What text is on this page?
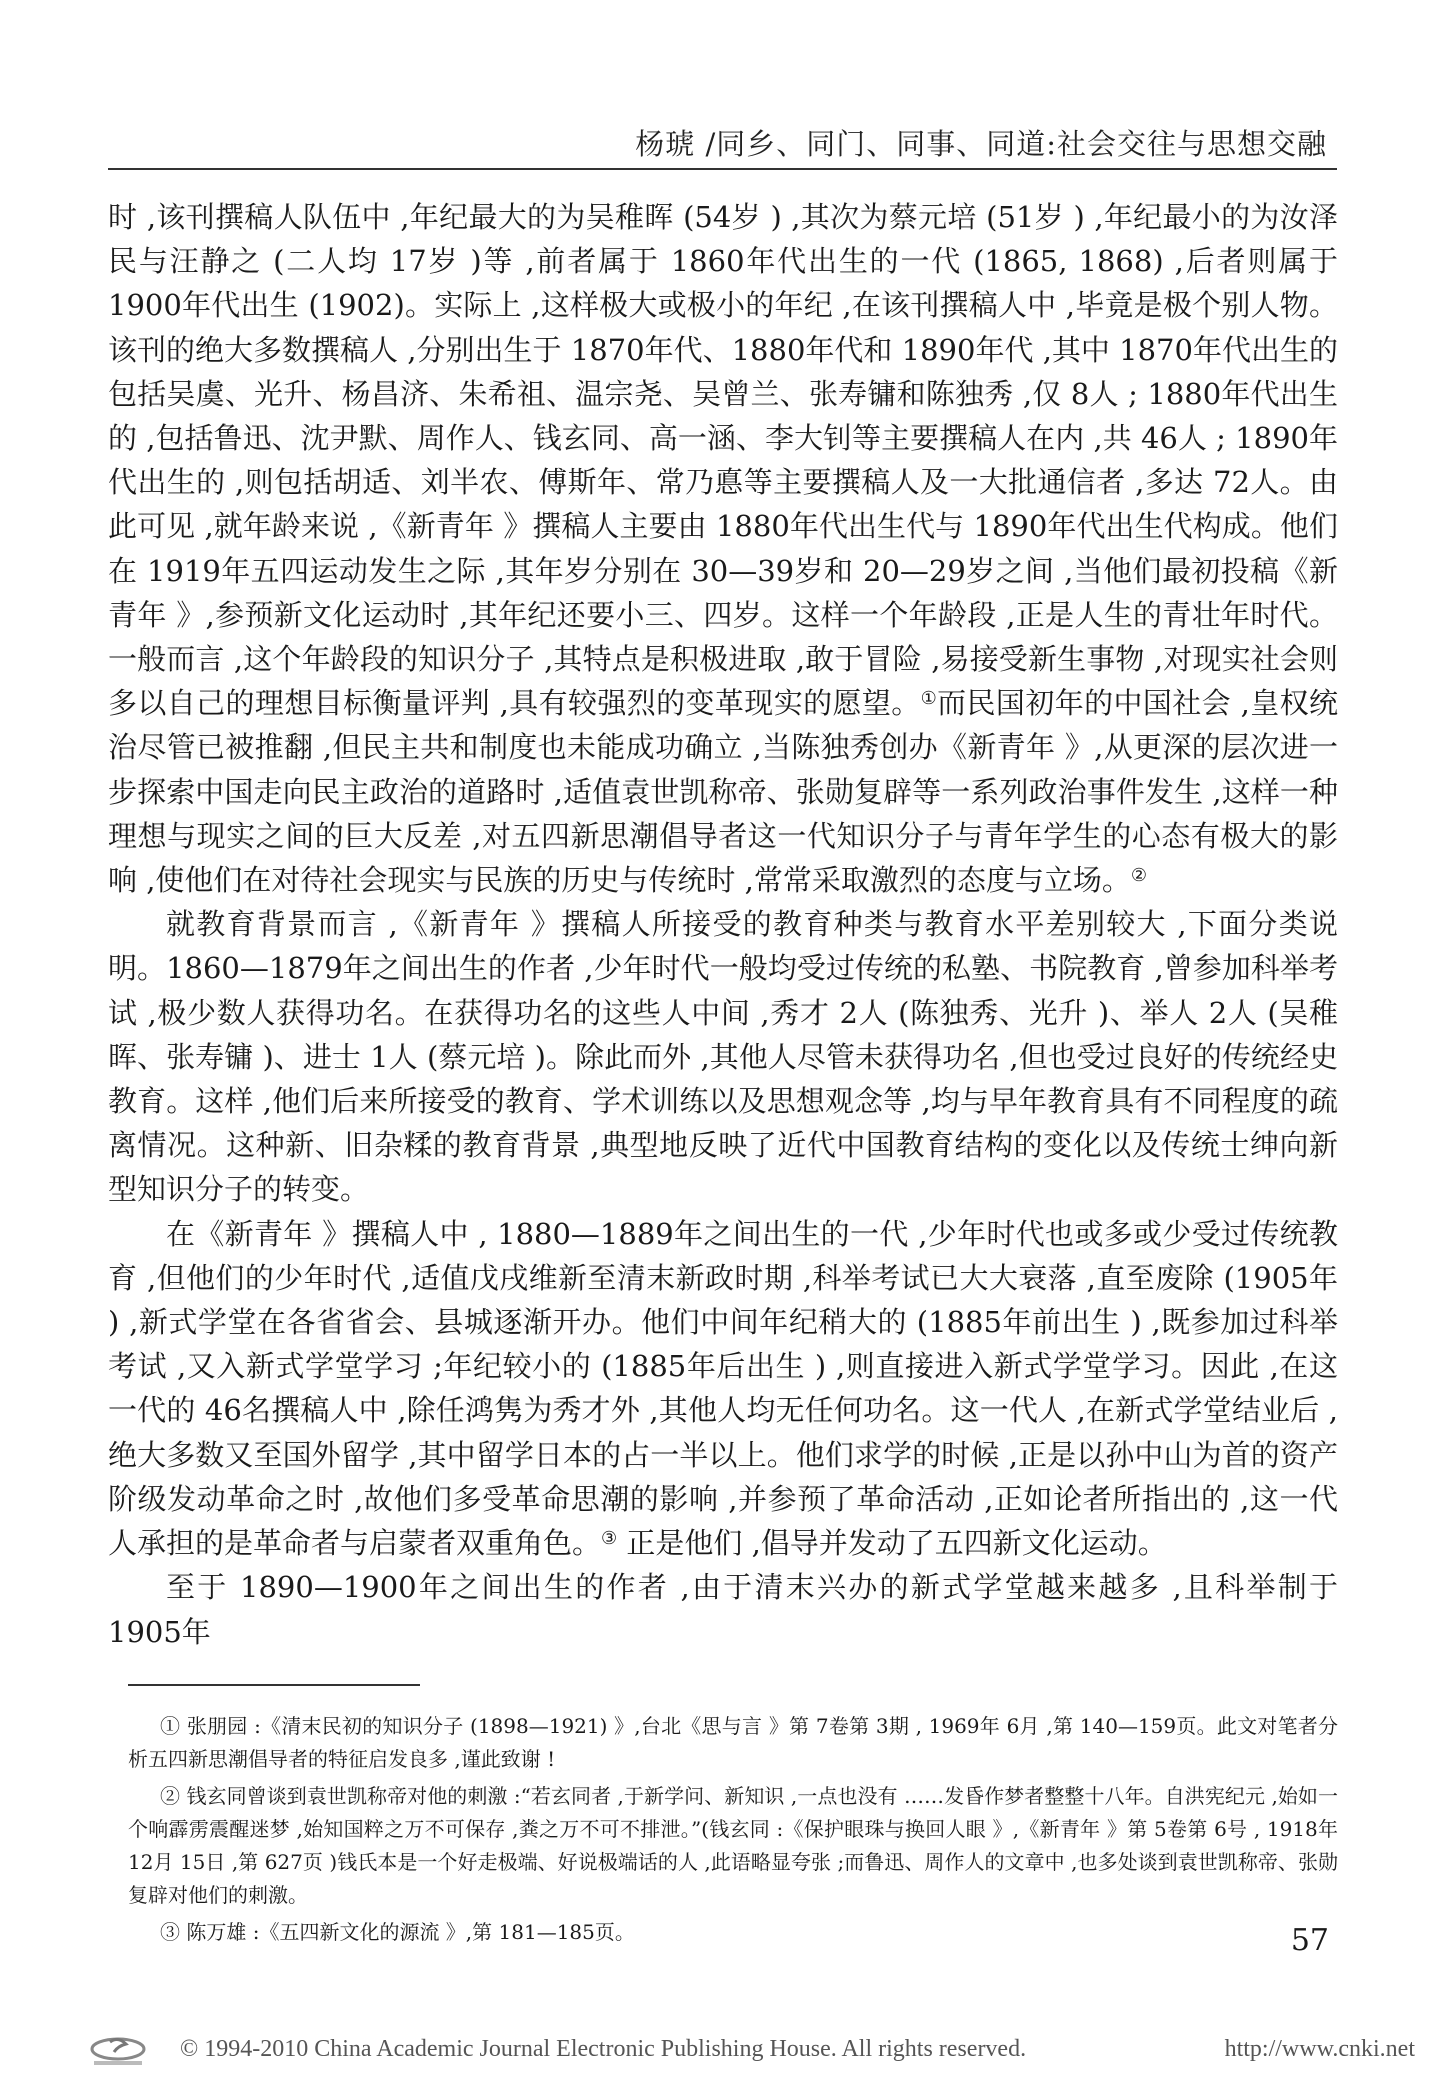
杨琥 /同乡、同门、同事、同道:社会交往与思想交融

时 ,该刊撰稿人队伍中 ,年纪最大的为吴稚晖 (54岁 ) ,其次为蔡元培 (51岁 ) ,年纪最小的为汝泽民与汪静之 (二人均 17岁 )等 ,前者属于 1860年代出生的一代 (1865, 1868) ,后者则属于 1900年代出生 (1902)。实际上 ,这样极大或极小的年纪 ,在该刊撰稿人中 ,毕竟是极个别人物。该刊的绝大多数撰稿人 ,分别出生于 1870年代、1880年代和 1890年代 ,其中 1870年代出生的包括吴虞、光升、杨昌济、朱希祖、温宗尧、吴曾兰、张寿镛和陈独秀 ,仅 8人 ; 1880年代出生的 ,包括鲁迅、沈尹默、周作人、钱玄同、高一涵、李大钊等主要撰稿人在内 ,共 46人 ; 1890年代出生的 ,则包括胡适、刘半农、傅斯年、常乃悳等主要撰稿人及一大批通信者 ,多达 72人。由此可见 ,就年龄来说 ,《新青年 》撰稿人主要由 1880年代出生代与 1890年代出生代构成。他们在 1919年五四运动发生之际 ,其年岁分别在 30—39岁和 20—29岁之间 ,当他们最初投稿《新青年 》,参预新文化运动时 ,其年纪还要小三、四岁。这样一个年龄段 ,正是人生的青壮年时代。一般而言 ,这个年龄段的知识分子 ,其特点是积极进取 ,敢于冒险 ,易接受新生事物 ,对现实社会则多以自己的理想目标衡量评判 ,具有较强烈的变革现实的愿望。①而民国初年的中国社会 ,皇权统治尽管已被推翻 ,但民主共和制度也未能成功确立 ,当陈独秀创办《新青年 》,从更深的层次进一步探索中国走向民主政治的道路时 ,适值袁世凯称帝、张勋复辟等一系列政治事件发生 ,这样一种理想与现实之间的巨大反差 ,对五四新思潮倡导者这一代知识分子与青年学生的心态有极大的影响 ,使他们在对待社会现实与民族的历史与传统时 ,常常采取激烈的态度与立场。②

就教育背景而言 ,《新青年 》撰稿人所接受的教育种类与教育水平差别较大 ,下面分类说明。1860—1879年之间出生的作者 ,少年时代一般均受过传统的私塾、书院教育 ,曾参加科举考试 ,极少数人获得功名。在获得功名的这些人中间 ,秀才 2人 (陈独秀、光升 )、举人 2人 (吴稚晖、张寿镛 )、进士 1人 (蔡元培 )。除此而外 ,其他人尽管未获得功名 ,但也受过良好的传统经史教育。这样 ,他们后来所接受的教育、学术训练以及思想观念等 ,均与早年教育具有不同程度的疏离情况。这种新、旧杂糅的教育背景 ,典型地反映了近代中国教育结构的变化以及传统士绅向新型知识分子的转变。

在《新青年 》撰稿人中 , 1880—1889年之间出生的一代 ,少年时代也或多或少受过传统教育 ,但他们的少年时代 ,适值戊戌维新至清末新政时期 ,科举考试已大大衰落 ,直至废除 (1905年 ) ,新式学堂在各省省会、县城逐渐开办。他们中间年纪稍大的 (1885年前出生 ) ,既参加过科举考试 ,又入新式学堂学习 ;年纪较小的 (1885年后出生 ) ,则直接进入新式学堂学习。因此 ,在这一代的 46名撰稿人中 ,除任鸿隽为秀才外 ,其他人均无任何功名。这一代人 ,在新式学堂结业后 ,绝大多数又至国外留学 ,其中留学日本的占一半以上。他们求学的时候 ,正是以孙中山为首的资产阶级发动革命之时 ,故他们多受革命思潮的影响 ,并参预了革命活动 ,正如论者所指出的 ,这一代人承担的是革命者与启蒙者双重角色。③ 正是他们 ,倡导并发动了五四新文化运动。

至于 1890—1900年之间出生的作者 ,由于清末兴办的新式学堂越来越多 ,且科举制于 1905年

① 张朋园 :《清末民初的知识分子 (1898—1921) 》,台北《思与言 》第 7卷第 3期 , 1969年 6月 ,第 140—159页。此文对笔者分析五四新思潮倡导者的特征启发良多 ,谨此致谢 !

② 钱玄同曾谈到袁世凯称帝对他的刺激 :“若玄同者 ,于新学问、新知识 ,一点也没有 ……发昏作梦者整整十八年。自洪宪纪元 ,始如一个响霹雳震醒迷梦 ,始知国粹之万不可保存 ,粪之万不可不排泄。”(钱玄同 :《保护眼珠与换回人眼 》,《新青年 》第 5卷第 6号 , 1918年 12月 15日 ,第 627页 )钱氏本是一个好走极端、好说极端话的人 ,此语略显夸张 ;而鲁迅、周作人的文章中 ,也多处谈到袁世凯称帝、张勋复辟对他们的刺激。

③ 陈万雄 :《五四新文化的源流 》,第 181—185页。	57
© 1994-2010 China Academic Journal Electronic Publishing House. All rights reserved.	http://www.cnki.net
